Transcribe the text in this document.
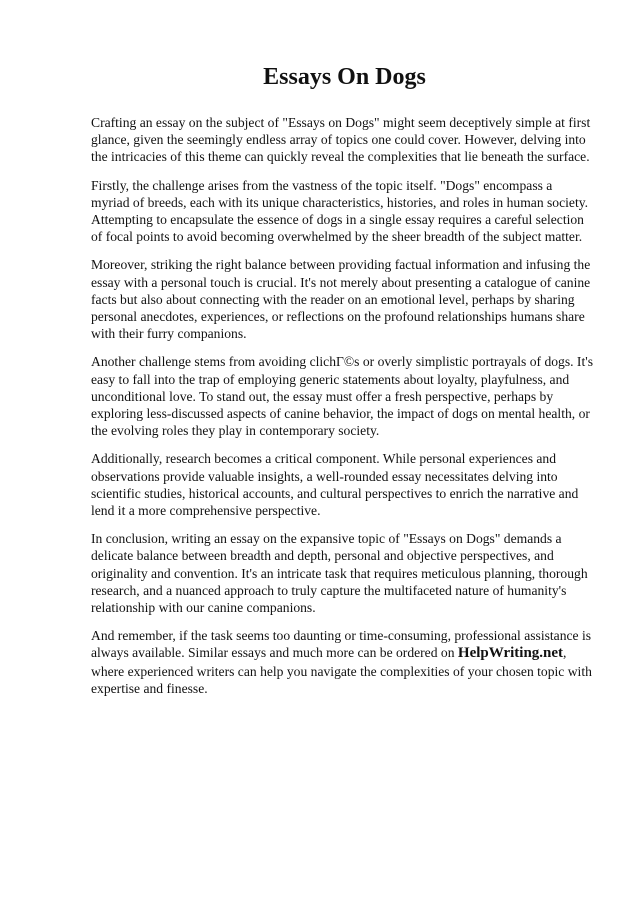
Essays On Dogs

Crafting an essay on the subject of "Essays on Dogs" might seem deceptively simple at first glance, given the seemingly endless array of topics one could cover. However, delving into the intricacies of this theme can quickly reveal the complexities that lie beneath the surface.

Firstly, the challenge arises from the vastness of the topic itself. "Dogs" encompass a myriad of breeds, each with its unique characteristics, histories, and roles in human society. Attempting to encapsulate the essence of dogs in a single essay requires a careful selection of focal points to avoid becoming overwhelmed by the sheer breadth of the subject matter.

Moreover, striking the right balance between providing factual information and infusing the essay with a personal touch is crucial. It's not merely about presenting a catalogue of canine facts but also about connecting with the reader on an emotional level, perhaps by sharing personal anecdotes, experiences, or reflections on the profound relationships humans share with their furry companions.

Another challenge stems from avoiding clichГ©s or overly simplistic portrayals of dogs. It's easy to fall into the trap of employing generic statements about loyalty, playfulness, and unconditional love. To stand out, the essay must offer a fresh perspective, perhaps by exploring less-discussed aspects of canine behavior, the impact of dogs on mental health, or the evolving roles they play in contemporary society.

Additionally, research becomes a critical component. While personal experiences and observations provide valuable insights, a well-rounded essay necessitates delving into scientific studies, historical accounts, and cultural perspectives to enrich the narrative and lend it a more comprehensive perspective.

In conclusion, writing an essay on the expansive topic of "Essays on Dogs" demands a delicate balance between breadth and depth, personal and objective perspectives, and originality and convention. It's an intricate task that requires meticulous planning, thorough research, and a nuanced approach to truly capture the multifaceted nature of humanity's relationship with our canine companions.

And remember, if the task seems too daunting or time-consuming, professional assistance is always available. Similar essays and much more can be ordered on HelpWriting.net, where experienced writers can help you navigate the complexities of your chosen topic with expertise and finesse.
